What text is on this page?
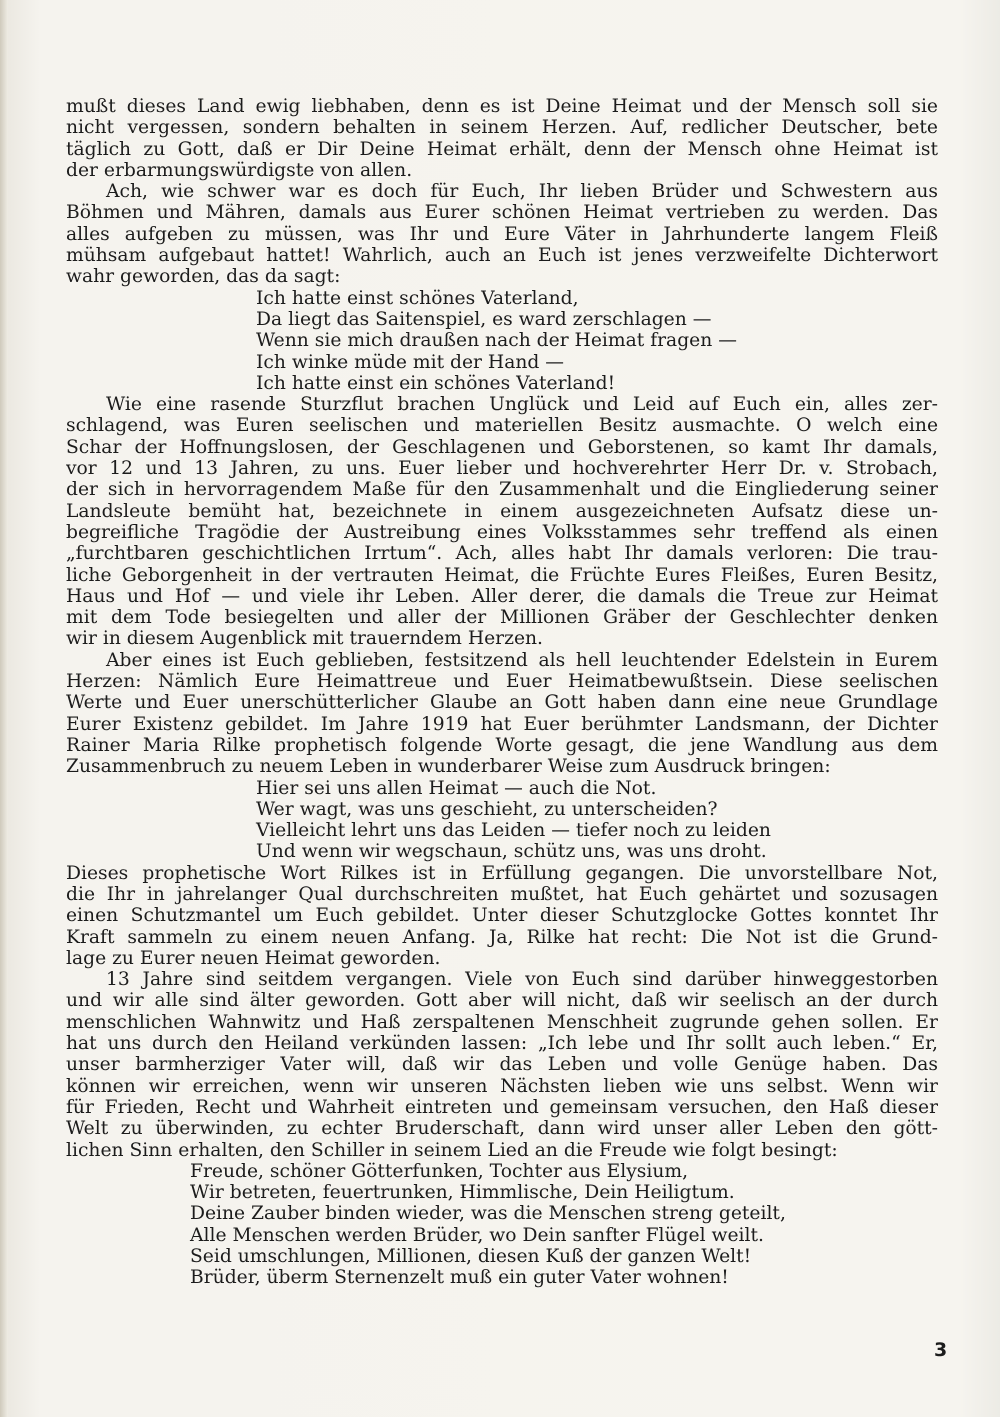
mußt dieses Land ewig liebhaben, denn es ist Deine Heimat und der Mensch soll sie
nicht vergessen, sondern behalten in seinem Herzen. Auf, redlicher Deutscher, bete
täglich zu Gott, daß er Dir Deine Heimat erhält, denn der Mensch ohne Heimat ist
der erbarmungswürdigste von allen.
Ach, wie schwer war es doch für Euch, Ihr lieben Brüder und Schwestern aus
Böhmen und Mähren, damals aus Eurer schönen Heimat vertrieben zu werden. Das
alles aufgeben zu müssen, was Ihr und Eure Väter in Jahrhunderte langem Fleiß
mühsam aufgebaut hattet! Wahrlich, auch an Euch ist jenes verzweifelte Dichterwort
wahr geworden, das da sagt:
Ich hatte einst schönes Vaterland,
Da liegt das Saitenspiel, es ward zerschlagen —
Wenn sie mich draußen nach der Heimat fragen —
Ich winke müde mit der Hand —
Ich hatte einst ein schönes Vaterland!
Wie eine rasende Sturzflut brachen Unglück und Leid auf Euch ein, alles zer-
schlagend, was Euren seelischen und materiellen Besitz ausmachte. O welch eine
Schar der Hoffnungslosen, der Geschlagenen und Geborstenen, so kamt Ihr damals,
vor 12 und 13 Jahren, zu uns. Euer lieber und hochverehrter Herr Dr. v. Strobach,
der sich in hervorragendem Maße für den Zusammenhalt und die Eingliederung seiner
Landsleute bemüht hat, bezeichnete in einem ausgezeichneten Aufsatz diese un-
begreifliche Tragödie der Austreibung eines Volksstammes sehr treffend als einen
„furchtbaren geschichtlichen Irrtum“. Ach, alles habt Ihr damals verloren: Die trau-
liche Geborgenheit in der vertrauten Heimat, die Früchte Eures Fleißes, Euren Besitz,
Haus und Hof — und viele ihr Leben. Aller derer, die damals die Treue zur Heimat
mit dem Tode besiegelten und aller der Millionen Gräber der Geschlechter denken
wir in diesem Augenblick mit trauerndem Herzen.
Aber eines ist Euch geblieben, festsitzend als hell leuchtender Edelstein in Eurem
Herzen: Nämlich Eure Heimattreue und Euer Heimatbewußtsein. Diese seelischen
Werte und Euer unerschütterlicher Glaube an Gott haben dann eine neue Grundlage
Eurer Existenz gebildet. Im Jahre 1919 hat Euer berühmter Landsmann, der Dichter
Rainer Maria Rilke prophetisch folgende Worte gesagt, die jene Wandlung aus dem
Zusammenbruch zu neuem Leben in wunderbarer Weise zum Ausdruck bringen:
Hier sei uns allen Heimat — auch die Not.
Wer wagt, was uns geschieht, zu unterscheiden?
Vielleicht lehrt uns das Leiden — tiefer noch zu leiden
Und wenn wir wegschaun, schütz uns, was uns droht.
Dieses prophetische Wort Rilkes ist in Erfüllung gegangen. Die unvorstellbare Not,
die Ihr in jahrelanger Qual durchschreiten mußtet, hat Euch gehärtet und sozusagen
einen Schutzmantel um Euch gebildet. Unter dieser Schutzglocke Gottes konntet Ihr
Kraft sammeln zu einem neuen Anfang. Ja, Rilke hat recht: Die Not ist die Grund-
lage zu Eurer neuen Heimat geworden.
13 Jahre sind seitdem vergangen. Viele von Euch sind darüber hinweggestorben
und wir alle sind älter geworden. Gott aber will nicht, daß wir seelisch an der durch
menschlichen Wahnwitz und Haß zerspaltenen Menschheit zugrunde gehen sollen. Er
hat uns durch den Heiland verkünden lassen: „Ich lebe und Ihr sollt auch leben.“ Er,
unser barmherziger Vater will, daß wir das Leben und volle Genüge haben. Das
können wir erreichen, wenn wir unseren Nächsten lieben wie uns selbst. Wenn wir
für Frieden, Recht und Wahrheit eintreten und gemeinsam versuchen, den Haß dieser
Welt zu überwinden, zu echter Bruderschaft, dann wird unser aller Leben den gött-
lichen Sinn erhalten, den Schiller in seinem Lied an die Freude wie folgt besingt:
Freude, schöner Götterfunken, Tochter aus Elysium,
Wir betreten, feuertrunken, Himmlische, Dein Heiligtum.
Deine Zauber binden wieder, was die Menschen streng geteilt,
Alle Menschen werden Brüder, wo Dein sanfter Flügel weilt.
Seid umschlungen, Millionen, diesen Kuß der ganzen Welt!
Brüder, überm Sternenzelt muß ein guter Vater wohnen!
3
